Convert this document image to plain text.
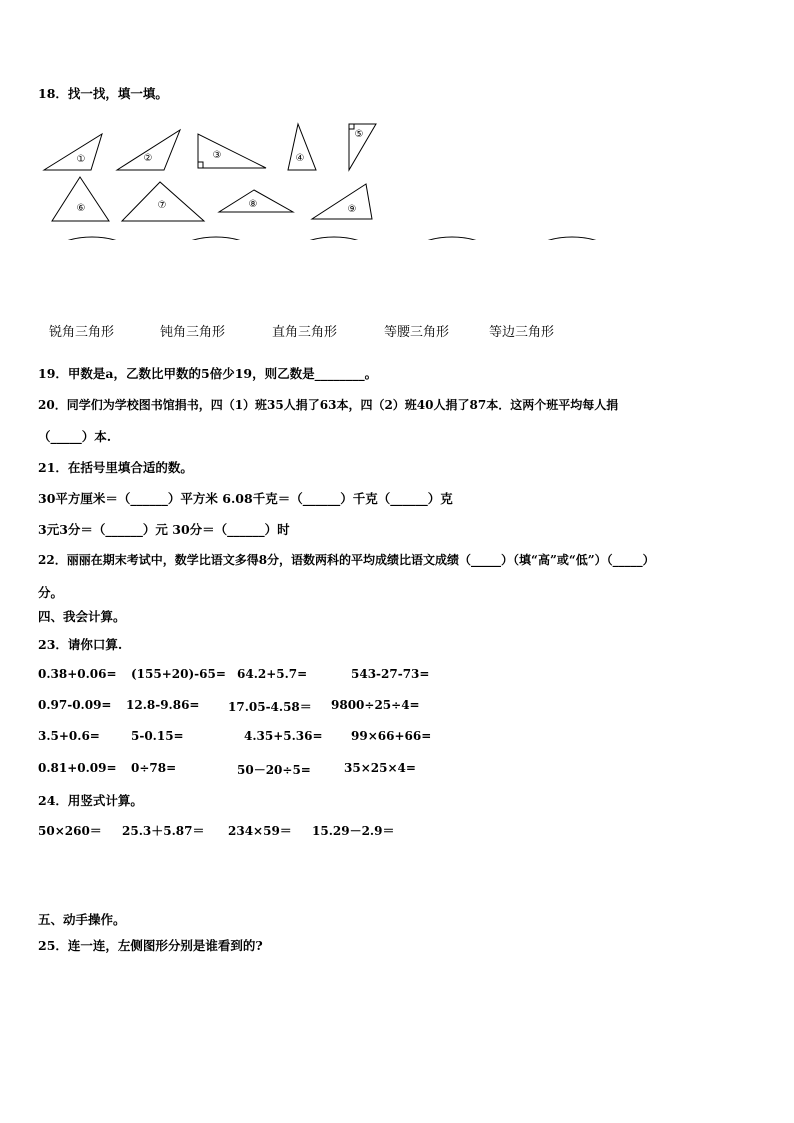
18．找一找，填一填。
①	②	③	④
⑤
⑥	⑦	⑧	⑨
锐角三角形	钝角三角形	直角三角形	等腰三角形	等边三角形
19．甲数是a，乙数比甲数的5倍少19，则乙数是________。
20．同学们为学校图书馆捐书，四（1）班35人捐了63本，四（2）班40人捐了87本．这两个班平均每人捐
（_____）本.
21．在括号里填合适的数。
30平方厘米＝（______）平方米 6.08千克＝（______）千克（______）克
3元3分＝（______）元 30分＝（______）时
22．丽丽在期末考试中，数学比语文多得8分，语数两科的平均成绩比语文成绩（_____）（填“高”或“低”）（_____）
分。
四、我会计算。
23．请你口算.
0.38+0.06= (155+20)-65= 64.2+5.7=	543-27-73=
0.97-0.09= 12.8-9.86= 17.05-4.58＝ 9800÷25÷4=
3.5+0.6=	5-0.15=	4.35+5.36= 99×66+66=
0.81+0.09= 0÷78=	50－20÷5=	35×25×4=
24．用竖式计算。
50×260＝ 25.3＋5.87＝ 234×59＝ 15.29－2.9＝
五、动手操作。
25．连一连，左侧图形分别是谁看到的?
